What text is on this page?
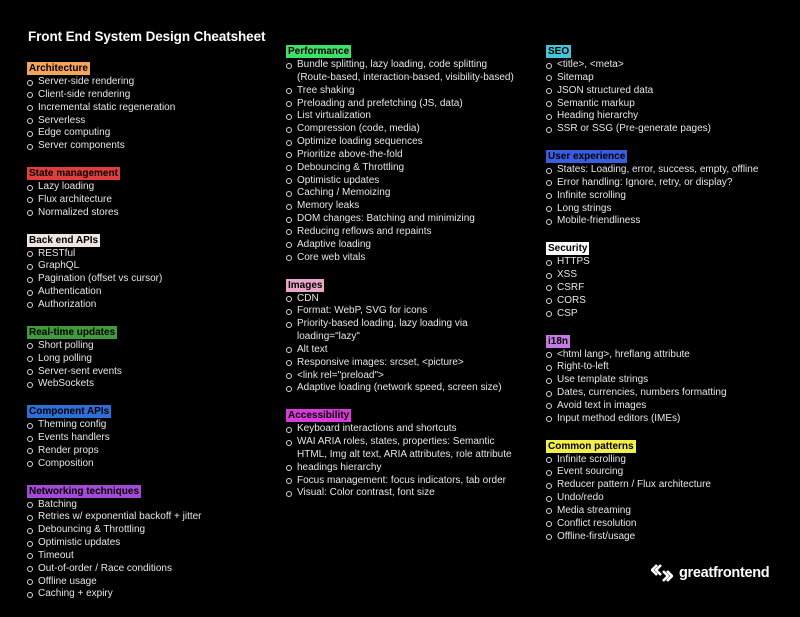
Front End System Design Cheatsheet
Architecture
Server-side rendering
Client-side rendering
Incremental static regeneration
Serverless
Edge computing
Server components
State management
Lazy loading
Flux architecture
Normalized stores
Back end APIs
RESTful
GraphQL
Pagination (offset vs cursor)
Authentication
Authorization
Real-time updates
Short polling
Long polling
Server-sent events
WebSockets
Component APIs
Theming config
Events handlers
Render props
Composition
Networking techniques
Batching
Retries w/ exponential backoff + jitter
Debouncing & Throttling
Optimistic updates
Timeout
Out-of-order / Race conditions
Offline usage
Caching + expiry
Performance
Bundle splitting, lazy loading, code splitting
(Route-based, interaction-based, visibility-based)
Tree shaking
Preloading and prefetching (JS, data)
List virtualization
Compression (code, media)
Optimize loading sequences
Prioritize above-the-fold
Debouncing & Throttling
Optimistic updates
Caching / Memoizing
Memory leaks
DOM changes: Batching and minimizing
Reducing reflows and repaints
Adaptive loading
Core web vitals
Images
CDN
Format: WebP, SVG for icons
Priority-based loading, lazy loading via
loading="lazy"
Alt text
Responsive images: srcset, <picture>
<link rel="preload">
Adaptive loading (network speed, screen size)
Accessibility
Keyboard interactions and shortcuts
WAI ARIA roles, states, properties: Semantic
HTML, Img alt text, ARIA attributes, role attribute
headings hierarchy
Focus management: focus indicators, tab order
Visual: Color contrast, font size
SEO
<title>, <meta>
Sitemap
JSON structured data
Semantic markup
Heading hierarchy
SSR or SSG (Pre-generate pages)
User experience
States: Loading, error, success, empty, offline
Error handling: Ignore, retry, or display?
Infinite scrolling
Long strings
Mobile-friendliness
Security
HTTPS
XSS
CSRF
CORS
CSP
i18n
<html lang>, hreflang attribute
Right-to-left
Use template strings
Dates, currencies, numbers formatting
Avoid text in images
Input method editors (IMEs)
Common patterns
Infinite scrolling
Event sourcing
Reducer pattern / Flux architecture
Undo/redo
Media streaming
Conflict resolution
Offline-first/usage
greatfrontend
